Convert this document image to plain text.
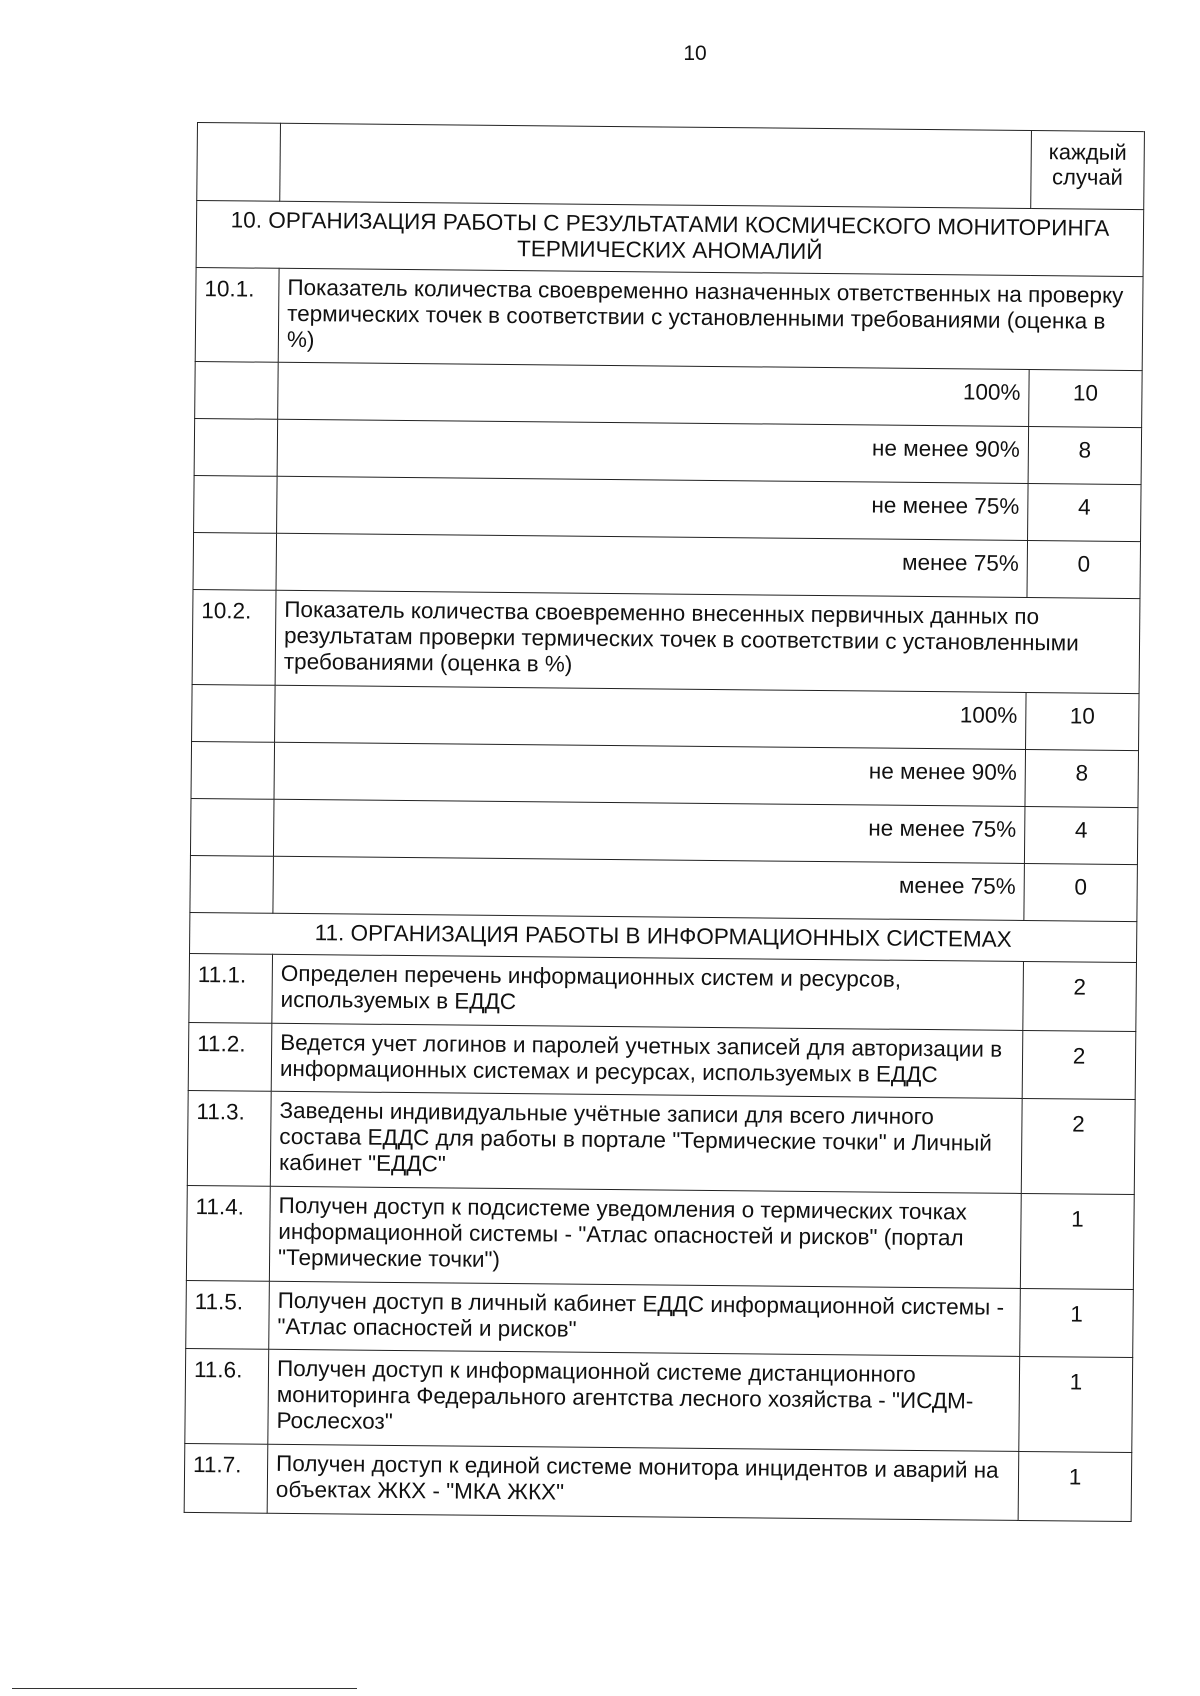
10
		каждый случай
10. ОРГАНИЗАЦИЯ РАБОТЫ С РЕЗУЛЬТАТАМИ КОСМИЧЕСКОГО МОНИТОРИНГА ТЕРМИЧЕСКИХ АНОМАЛИЙ		
10.1.	Показатель количества своевременно назначенных ответственных на проверку термических точек в соответствии с установленными требованиями (оценка в %)	
	100%	10
	не менее 90%	8
	не менее 75%	4
	менее 75%	0
10.2.	Показатель количества своевременно внесенных первичных данных по результатам проверки термических точек в соответствии с установленными требованиями (оценка в %)	
	100%	10
	не менее 90%	8
	не менее 75%	4
	менее 75%	0
11. ОРГАНИЗАЦИЯ РАБОТЫ В ИНФОРМАЦИОННЫХ СИСТЕМАХ		
11.1.	Определен перечень информационных систем и ресурсов, используемых в ЕДДС	2
11.2.	Ведется учет логинов и паролей учетных записей для авторизации в информационных системах и ресурсах, используемых в ЕДДС	2
11.3.	Заведены индивидуальные учётные записи для всего личного состава ЕДДС для работы в портале "Термические точки" и Личный кабинет "ЕДДС"	2
11.4.	Получен доступ к подсистеме уведомления о термических точках информационной системы - "Атлас опасностей и рисков" (портал "Термические точки")	1
11.5.	Получен доступ в личный кабинет ЕДДС информационной системы - "Атлас опасностей и рисков"	1
11.6.	Получен доступ к информационной системе дистанционного мониторинга Федерального агентства лесного хозяйства - "ИСДМ-Рослесхоз"	1
11.7.	Получен доступ к единой системе монитора инцидентов и аварий на объектах ЖКХ - "МКА ЖКХ"	1
